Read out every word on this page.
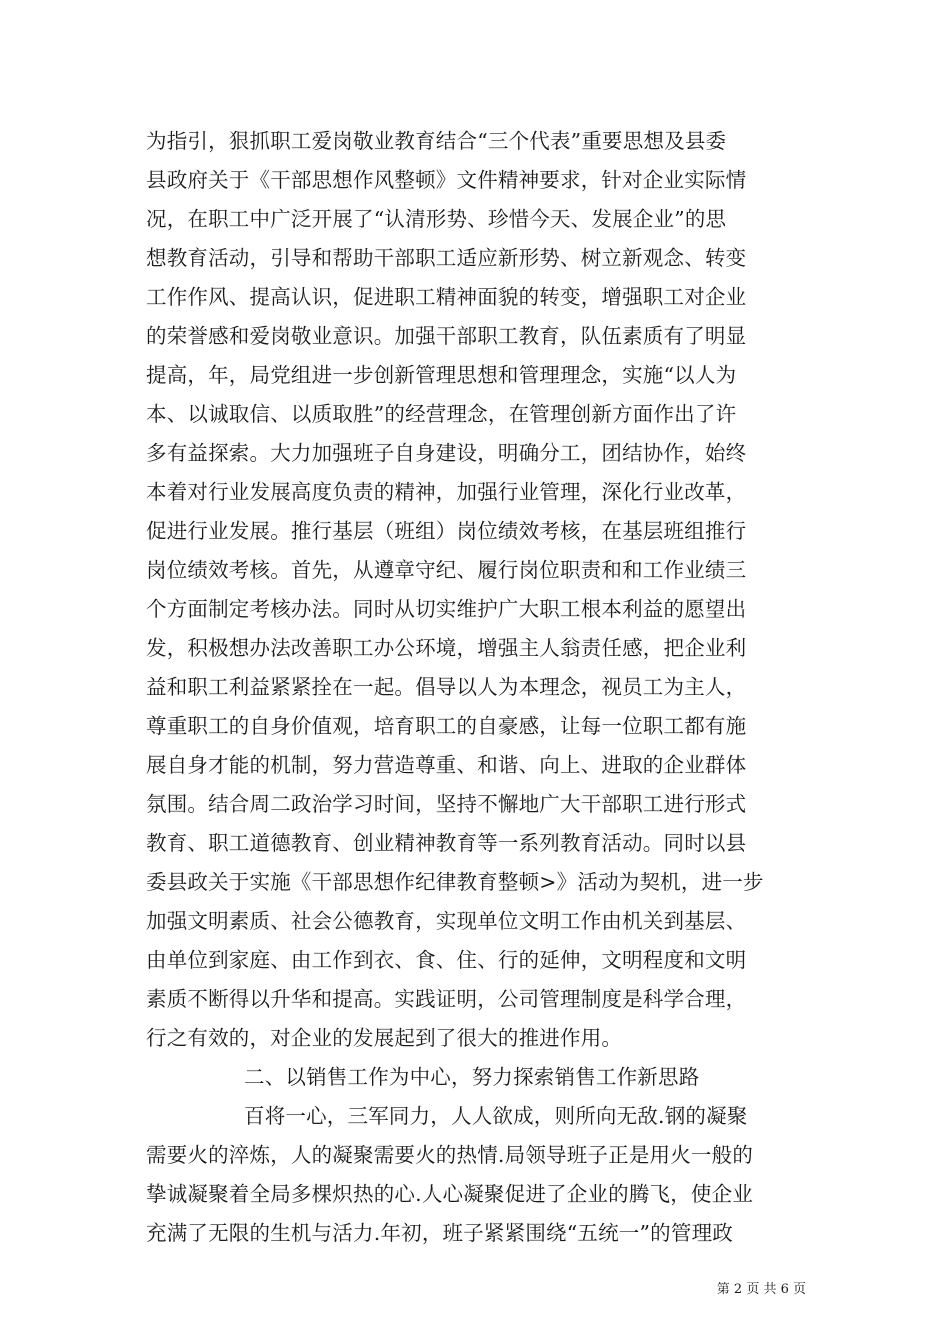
为指引，狠抓职工爱岗敬业教育结合“三个代表”重要思想及县委
县政府关于《干部思想作风整顿》文件精神要求，针对企业实际情
况，在职工中广泛开展了“认清形势、珍惜今天、发展企业”的思
想教育活动，引导和帮助干部职工适应新形势、树立新观念、转变
工作作风、提高认识，促进职工精神面貌的转变，增强职工对企业
的荣誉感和爱岗敬业意识。加强干部职工教育，队伍素质有了明显
提高，年，局党组进一步创新管理思想和管理理念，实施“以人为
本、以诚取信、以质取胜”的经营理念，在管理创新方面作出了许
多有益探索。大力加强班子自身建设，明确分工，团结协作，始终
本着对行业发展高度负责的精神，加强行业管理，深化行业改革，
促进行业发展。推行基层（班组）岗位绩效考核，在基层班组推行
岗位绩效考核。首先，从遵章守纪、履行岗位职责和和工作业绩三
个方面制定考核办法。同时从切实维护广大职工根本利益的愿望出
发，积极想办法改善职工办公环境，增强主人翁责任感，把企业利
益和职工利益紧紧拴在一起。倡导以人为本理念，视员工为主人，
尊重职工的自身价值观，培育职工的自豪感，让每一位职工都有施
展自身才能的机制，努力营造尊重、和谐、向上、进取的企业群体
氛围。结合周二政治学习时间，坚持不懈地广大干部职工进行形式
教育、职工道德教育、创业精神教育等一系列教育活动。同时以县
委县政关于实施《干部思想作纪律教育整顿>》活动为契机，进一步
加强文明素质、社会公德教育，实现单位文明工作由机关到基层、
由单位到家庭、由工作到衣、食、住、行的延伸，文明程度和文明
素质不断得以升华和提高。实践证明，公司管理制度是科学合理，
行之有效的，对企业的发展起到了很大的推进作用。
二、以销售工作为中心，努力探索销售工作新思路
百将一心，三军同力，人人欲成，则所向无敌.钢的凝聚
需要火的淬炼，人的凝聚需要火的热情.局领导班子正是用火一般的
挚诚凝聚着全局多棵炽热的心.人心凝聚促进了企业的腾飞，使企业
充满了无限的生机与活力.年初，班子紧紧围绕“五统一”的管理政
第 2 页 共 6 页
